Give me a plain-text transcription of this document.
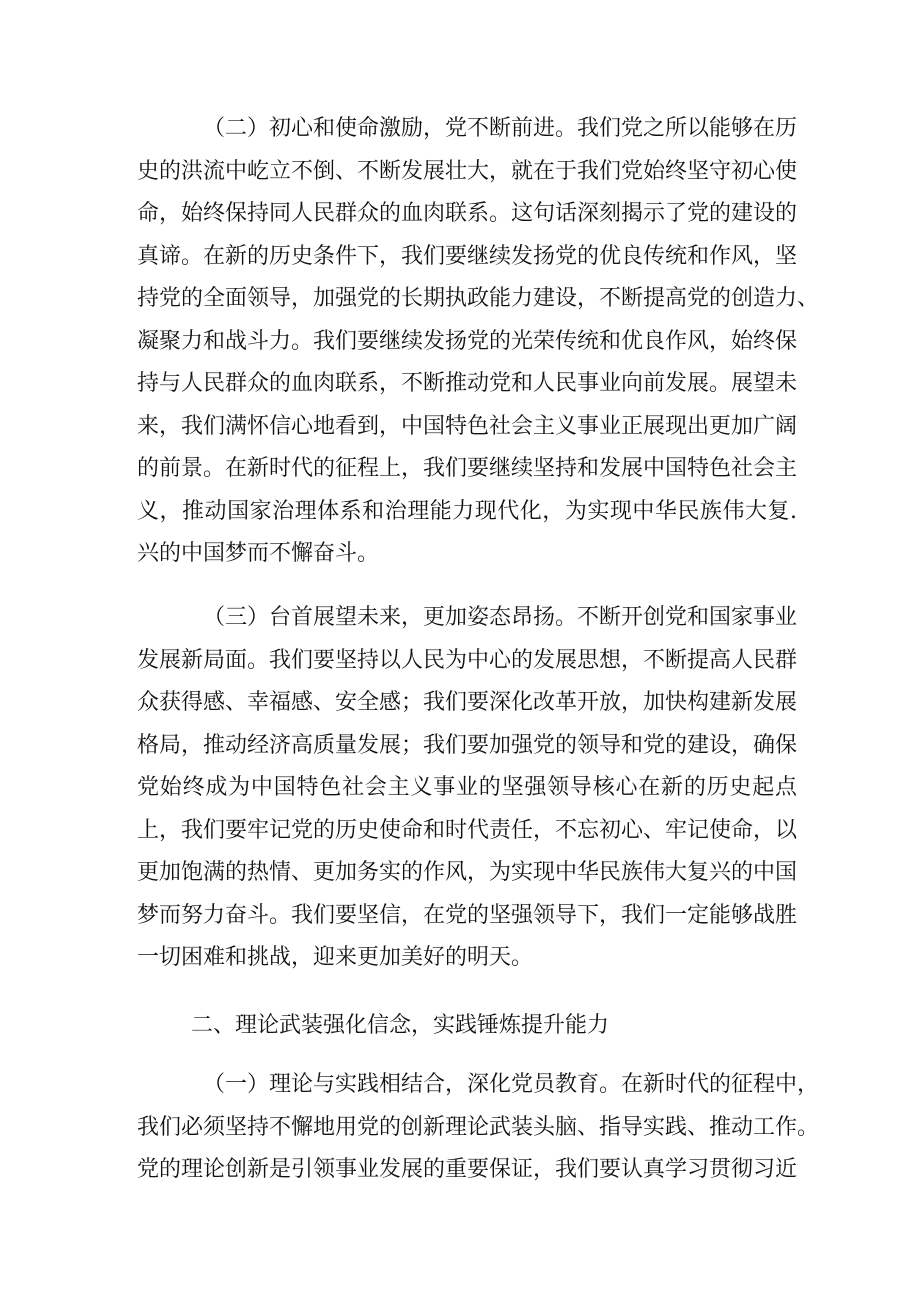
（二）初心和使命激励，党不断前进。我们党之所以能够在历
史的洪流中屹立不倒、不断发展壮大，就在于我们党始终坚守初心使
命，始终保持同人民群众的血肉联系。这句话深刻揭示了党的建设的
真谛。在新的历史条件下，我们要继续发扬党的优良传统和作风，坚
持党的全面领导，加强党的长期执政能力建设，不断提高党的创造力、
凝聚力和战斗力。我们要继续发扬党的光荣传统和优良作风，始终保
持与人民群众的血肉联系，不断推动党和人民事业向前发展。展望未
来，我们满怀信心地看到，中国特色社会主义事业正展现出更加广阔
的前景。在新时代的征程上，我们要继续坚持和发展中国特色社会主
义，推动国家治理体系和治理能力现代化，为实现中华民族伟大复.
兴的中国梦而不懈奋斗。
（三）台首展望未来，更加姿态昂扬。不断开创党和国家事业
发展新局面。我们要坚持以人民为中心的发展思想，不断提高人民群
众获得感、幸福感、安全感；我们要深化改革开放，加快构建新发展
格局，推动经济高质量发展；我们要加强党的领导和党的建设，确保
党始终成为中国特色社会主义事业的坚强领导核心在新的历史起点
上，我们要牢记党的历史使命和时代责任，不忘初心、牢记使命，以
更加饱满的热情、更加务实的作风，为实现中华民族伟大复兴的中国
梦而努力奋斗。我们要坚信，在党的坚强领导下，我们一定能够战胜
一切困难和挑战，迎来更加美好的明天。
二、理论武装强化信念，实践锤炼提升能力
（一）理论与实践相结合，深化党员教育。在新时代的征程中，
我们必须坚持不懈地用党的创新理论武装头脑、指导实践、推动工作。
党的理论创新是引领事业发展的重要保证，我们要认真学习贯彻习近
